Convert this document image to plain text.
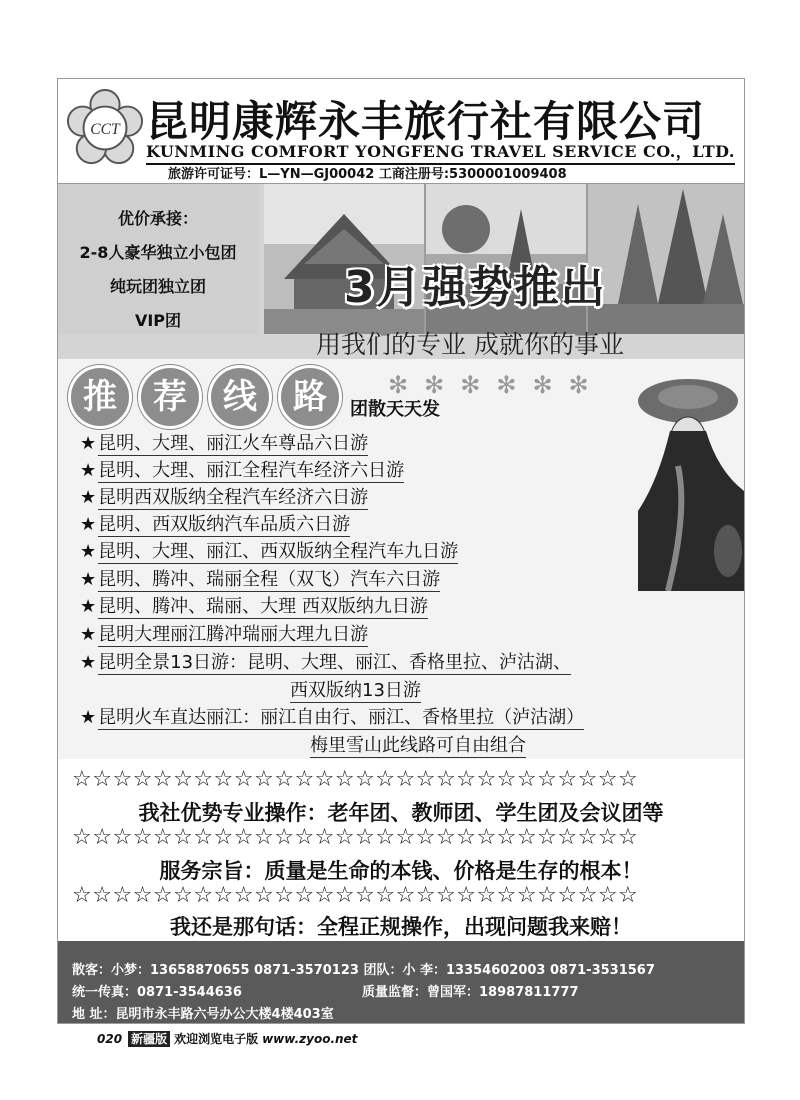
CCT 昆明康辉永丰旅行社有限公司
KUNMING COMFORT YONGFENG TRAVEL SERVICE CO.，LTD.
旅游许可证号：L—YN—GJ00042 工商注册号:5300001009408
优价承接：
2-8人豪华独立小包团
纯玩团独立团
VIP团
3月强势推出
用我们的专业 成就你的事业
推 荐 线 路	✻✻✻✻✻✻
团散天天发
★ 昆明、大理、丽江火车尊品六日游
★ 昆明、大理、丽江全程汽车经济六日游
★ 昆明西双版纳全程汽车经济六日游
★ 昆明、西双版纳汽车品质六日游
★ 昆明、大理、丽江、西双版纳全程汽车九日游
★ 昆明、腾冲、瑞丽全程（双飞）汽车六日游
★ 昆明、腾冲、瑞丽、大理 西双版纳九日游
★ 昆明大理丽江腾冲瑞丽大理九日游
★ 昆明全景13日游：昆明、大理、丽江、香格里拉、泸沽湖、
西双版纳13日游
★ 昆明火车直达丽江：丽江自由行、丽江、香格里拉（泸沽湖）
梅里雪山此线路可自由组合
☆☆☆☆☆☆☆☆☆☆☆☆☆☆☆☆☆☆☆☆☆☆☆☆☆☆☆☆
我社优势专业操作：老年团、教师团、学生团及会议团等
☆☆☆☆☆☆☆☆☆☆☆☆☆☆☆☆☆☆☆☆☆☆☆☆☆☆☆☆
服务宗旨：质量是生命的本钱、价格是生存的根本！
☆☆☆☆☆☆☆☆☆☆☆☆☆☆☆☆☆☆☆☆☆☆☆☆☆☆☆☆
我还是那句话：全程正规操作，出现问题我来赔！
散客：小梦：13658870655 0871-3570123 团队：小 李：13354602003 0871-3531567
统一传真：0871-3544636	质量监督：曾国军：18987811777
地 址：昆明市永丰路六号办公大楼4楼403室
020 新疆版 欢迎浏览电子版 www.zyoo.net
